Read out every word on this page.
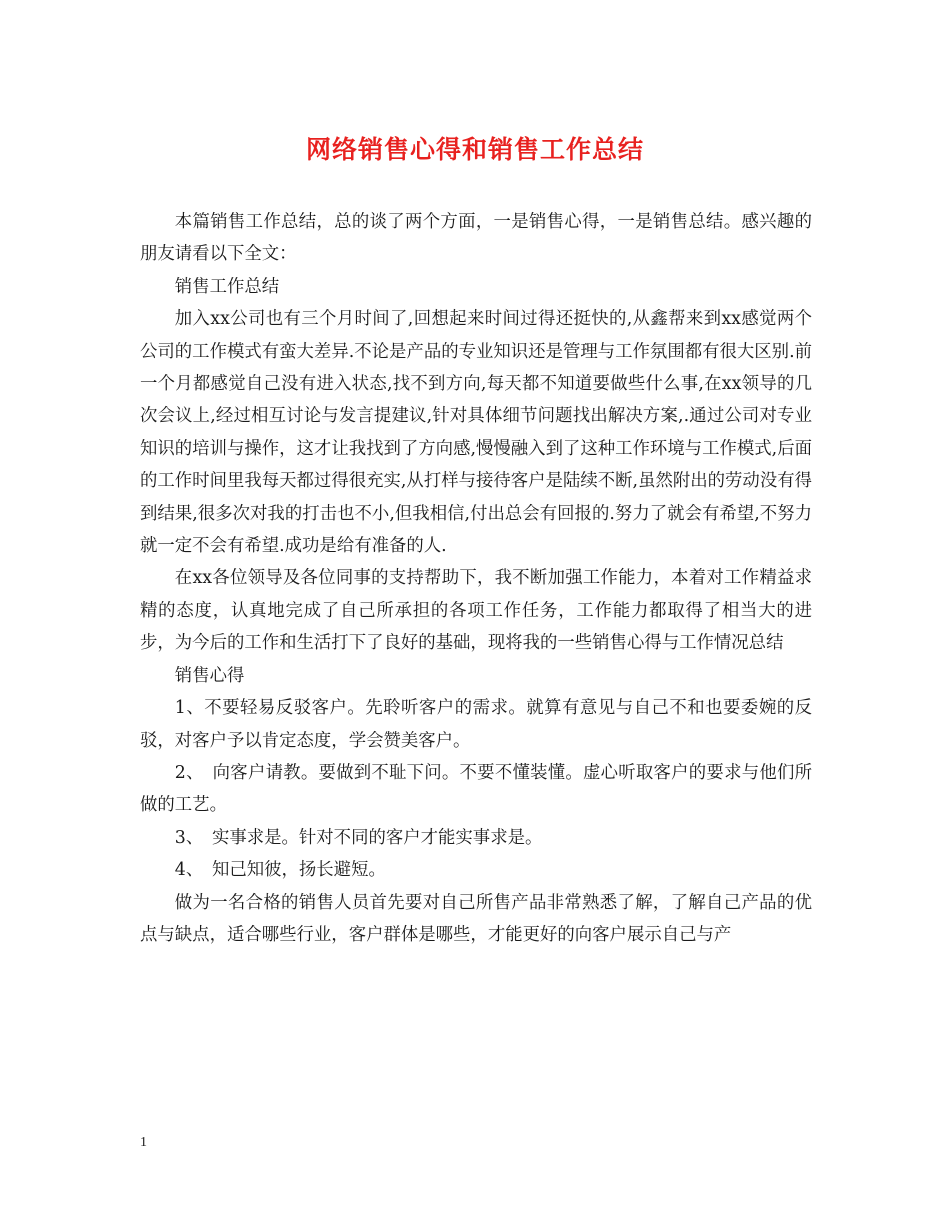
网络销售心得和销售工作总结

本篇销售工作总结，总的谈了两个方面，一是销售心得，一是销售总结。感兴趣的朋友请看以下全文：

销售工作总结

加入xx公司也有三个月时间了,回想起来时间过得还挺快的,从鑫帮来到xx感觉两个公司的工作模式有蛮大差异.不论是产品的专业知识还是管理与工作氛围都有很大区别.前一个月都感觉自己没有进入状态,找不到方向,每天都不知道要做些什么事,在xx领导的几次会议上,经过相互讨论与发言提建议,针对具体细节问题找出解决方案,.通过公司对专业知识的培训与操作，这才让我找到了方向感,慢慢融入到了这种工作环境与工作模式,后面的工作时间里我每天都过得很充实,从打样与接待客户是陆续不断,虽然附出的劳动没有得到结果,很多次对我的打击也不小,但我相信,付出总会有回报的.努力了就会有希望,不努力就一定不会有希望.成功是给有准备的人.

在xx各位领导及各位同事的支持帮助下，我不断加强工作能力，本着对工作精益求精的态度，认真地完成了自己所承担的各项工作任务，工作能力都取得了相当大的进步，为今后的工作和生活打下了良好的基础，现将我的一些销售心得与工作情况总结

销售心得

1、不要轻易反驳客户。先聆听客户的需求。就算有意见与自己不和也要委婉的反驳，对客户予以肯定态度，学会赞美客户。

2、　向客户请教。要做到不耻下问。不要不懂装懂。虚心听取客户的要求与他们所做的工艺。

3、　实事求是。针对不同的客户才能实事求是。

4、　知己知彼，扬长避短。

做为一名合格的销售人员首先要对自己所售产品非常熟悉了解，了解自己产品的优点与缺点，适合哪些行业，客户群体是哪些，才能更好的向客户展示自己与产

1
